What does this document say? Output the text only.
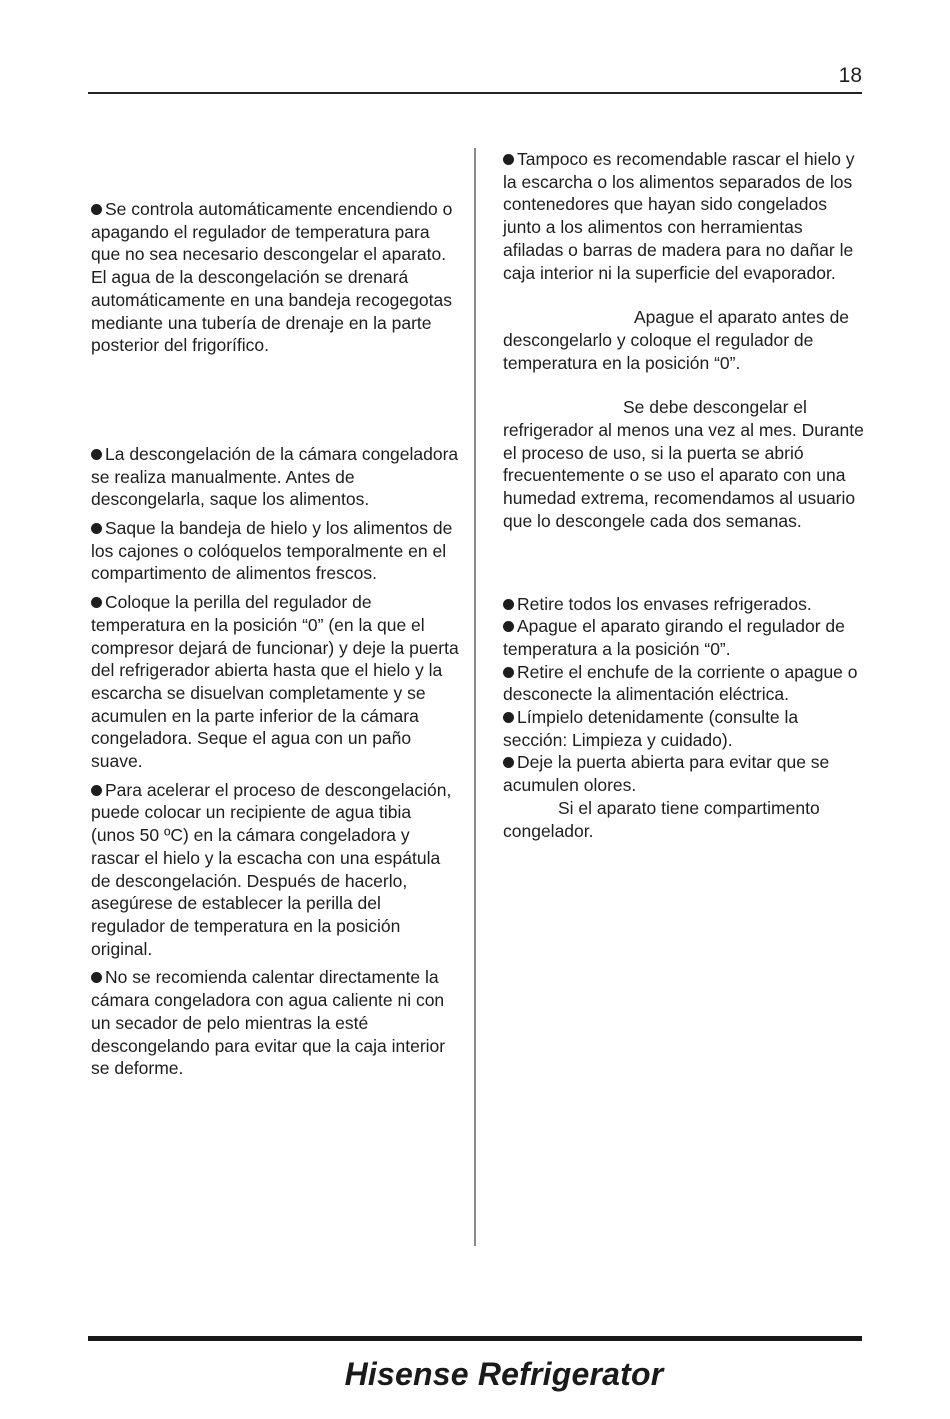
18

Se controla automáticamente encendiendo o apagando el regulador de temperatura para que no sea necesario descongelar el aparato. El agua de la descongelación se drenará automáticamente en una bandeja recogegotas mediante una tubería de drenaje en la parte posterior del frigorífico.

La descongelación de la cámara congeladora se realiza manualmente. Antes de descongelarla, saque los alimentos.

Saque la bandeja de hielo y los alimentos de los cajones o colóquelos temporalmente en el compartimento de alimentos frescos.

Coloque la perilla del regulador de temperatura en la posición “0” (en la que el compresor dejará de funcionar) y deje la puerta del refrigerador abierta hasta que el hielo y la escarcha se disuelvan completamente y se acumulen en la parte inferior de la cámara congeladora. Seque el agua con un paño suave.

Para acelerar el proceso de descongelación, puede colocar un recipiente de agua tibia (unos 50 ºC) en la cámara congeladora y rascar el hielo y la escacha con una espátula de descongelación. Después de hacerlo, asegúrese de establecer la perilla del regulador de temperatura en la posición original.

No se recomienda calentar directamente la cámara congeladora con agua caliente ni con un secador de pelo mientras la esté descongelando para evitar que la caja interior se deforme.

Tampoco es recomendable rascar el hielo y la escarcha o los alimentos separados de los contenedores que hayan sido congelados junto a los alimentos con herramientas afiladas o barras de madera para no dañar le caja interior ni la superficie del evaporador.

Apague el aparato antes de descongelarlo y coloque el regulador de temperatura en la posición “0”.

Se debe descongelar el refrigerador al menos una vez al mes. Durante el proceso de uso, si la puerta se abrió frecuentemente o se uso el aparato con una humedad extrema, recomendamos al usuario que lo descongele cada dos semanas.

Retire todos los envases refrigerados.

Apague el aparato girando el regulador de temperatura a la posición “0”.

Retire el enchufe de la corriente o apague o desconecte la alimentación eléctrica.

Límpielo detenidamente (consulte la sección: Limpieza y cuidado).

Deje la puerta abierta para evitar que se acumulen olores.

Si el aparato tiene compartimento congelador.

Hisense Refrigerator
